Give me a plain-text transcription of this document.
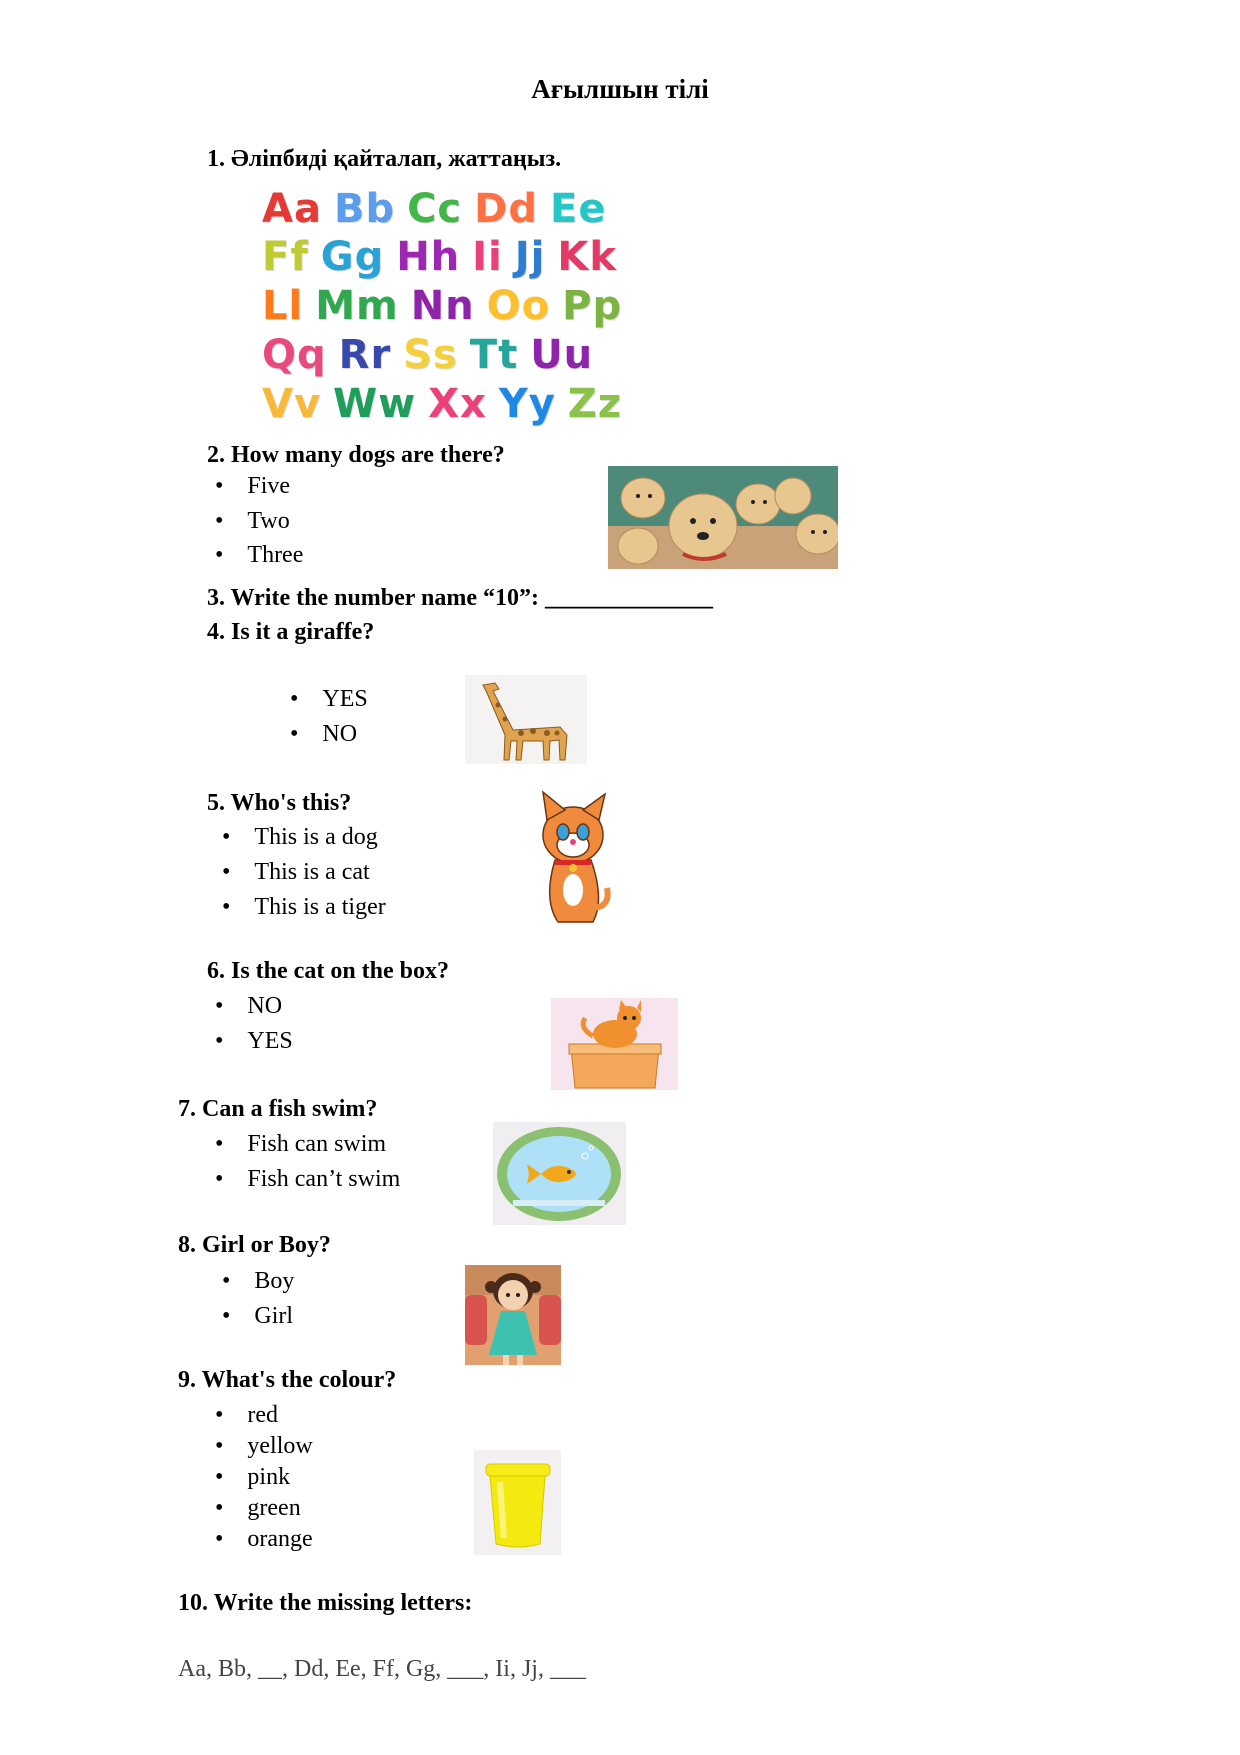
Ағылшын тілі
1. Әліпбиді қайталап, жаттаңыз.
Aa Bb Cc Dd Ee
Ff Gg Hh Ii Jj Kk
Ll Mm Nn Oo Pp
Qq Rr Ss Tt Uu
Vv Ww Xx Yy Zz
2. How many dogs are there?
• Five
• Two
• Three
3. Write the number name “10”: ______________
4. Is it a giraffe?
• YES
• NO
5. Who's this?
• This is a dog
• This is a cat
• This is a tiger
6. Is the cat on the box?
• NO
• YES
7. Can a fish swim?
• Fish can swim
• Fish can’t swim
8. Girl or Boy?
• Boy
• Girl
9. What's the colour?
• red
• yellow
• pink
• green
• orange
10. Write the missing letters:
Aa, Bb, __, Dd, Ee, Ff, Gg, ___, Ii, Jj, ___
